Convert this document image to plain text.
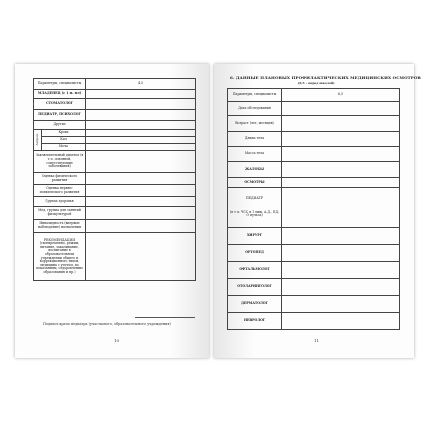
Параметры, специалисты		4,5
МЛАДЕНЕЦ (с 1 м. мл)		
СТОМАТОЛОГ		
ПЕДИАТР, ПСИХОЛОГ		
Другие		
Антроп.	Кровь	
	Кал	
	Моча	
Заключительный диагноз (в т.ч. основной, сопутствующие заболевания)		
Оценка физического развития		
Оценка нервно-психического развития		
Группа здоровья		
Мед. группа для занятий физкультурой		
Инвалидность (впервые наблюдение) назначения		
РЕКОМЕНДАЦИИ (своевременно, режим, питание, закаливание, воспитание в образовательном учреждении общего и коррекционного типов, медицина с учетом, по показаниям, оздоровлению образования и пр.)		
Подпись врача педиатра (участкового, образовательного учреждения)
10
6. ДАННЫЕ ПЛАНОВЫХ ПРОФИЛАКТИЧЕСКИХ МЕДИЦИНСКИХ ОСМОТРОВ
(6,5 – перед школой)
Параметры, специалисты	6,5
Дата обследования	
Возраст (лет, месяцев)	
Длина тела	
Масса тела	
ЖАЛОБЫ	
ОСМОТРЫ	

ПЕДИАТР
(в т.ч. ЧСС в 1 мин, А.Д., ЕД, О пульса)	

ХИРУРГ	
ОРТОПЕД	
ОФТАЛЬМОЛОГ	
ОТОЛАРИНГОЛОГ	
ДЕРМАТОЛОГ	
НЕВРОЛОГ	
11
